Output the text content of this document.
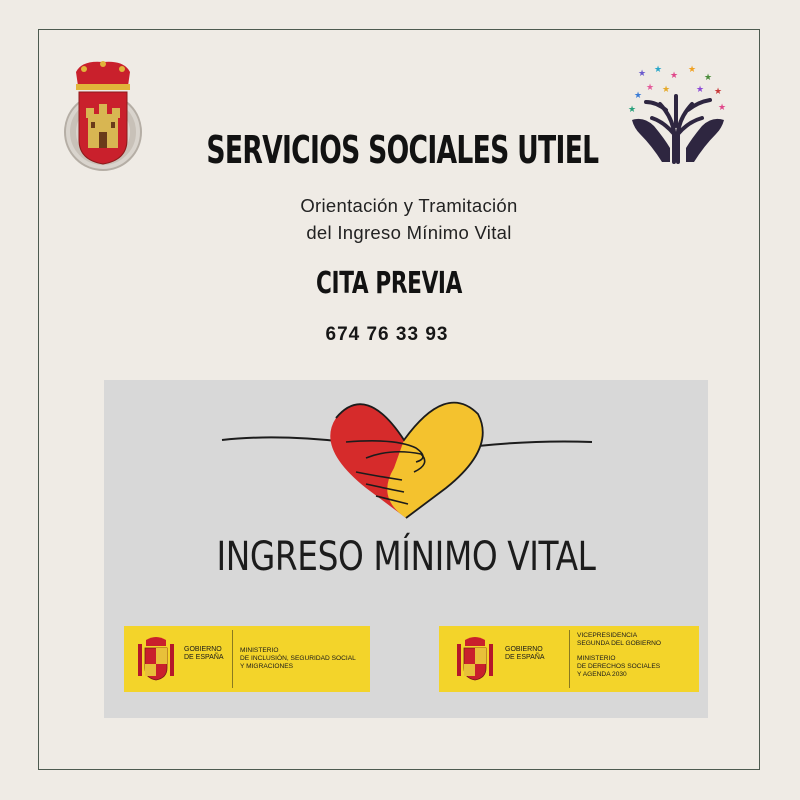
★ ★
★
★
★
★
★
★
★
★
★
★
SERVICIOS SOCIALES UTIEL
Orientación y Tramitación
del Ingreso Mínimo Vital
CITA PREVIA
674 76 33 93
INGRESO MÍNIMO VITAL
GOBIERNO
DE ESPAÑA
MINISTERIO
DE INCLUSIÓN, SEGURIDAD SOCIAL
Y MIGRACIONES
GOBIERNO
DE ESPAÑA
VICEPRESIDENCIA
SEGUNDA DEL GOBIERNO
MINISTERIO
DE DERECHOS SOCIALES
Y AGENDA 2030
